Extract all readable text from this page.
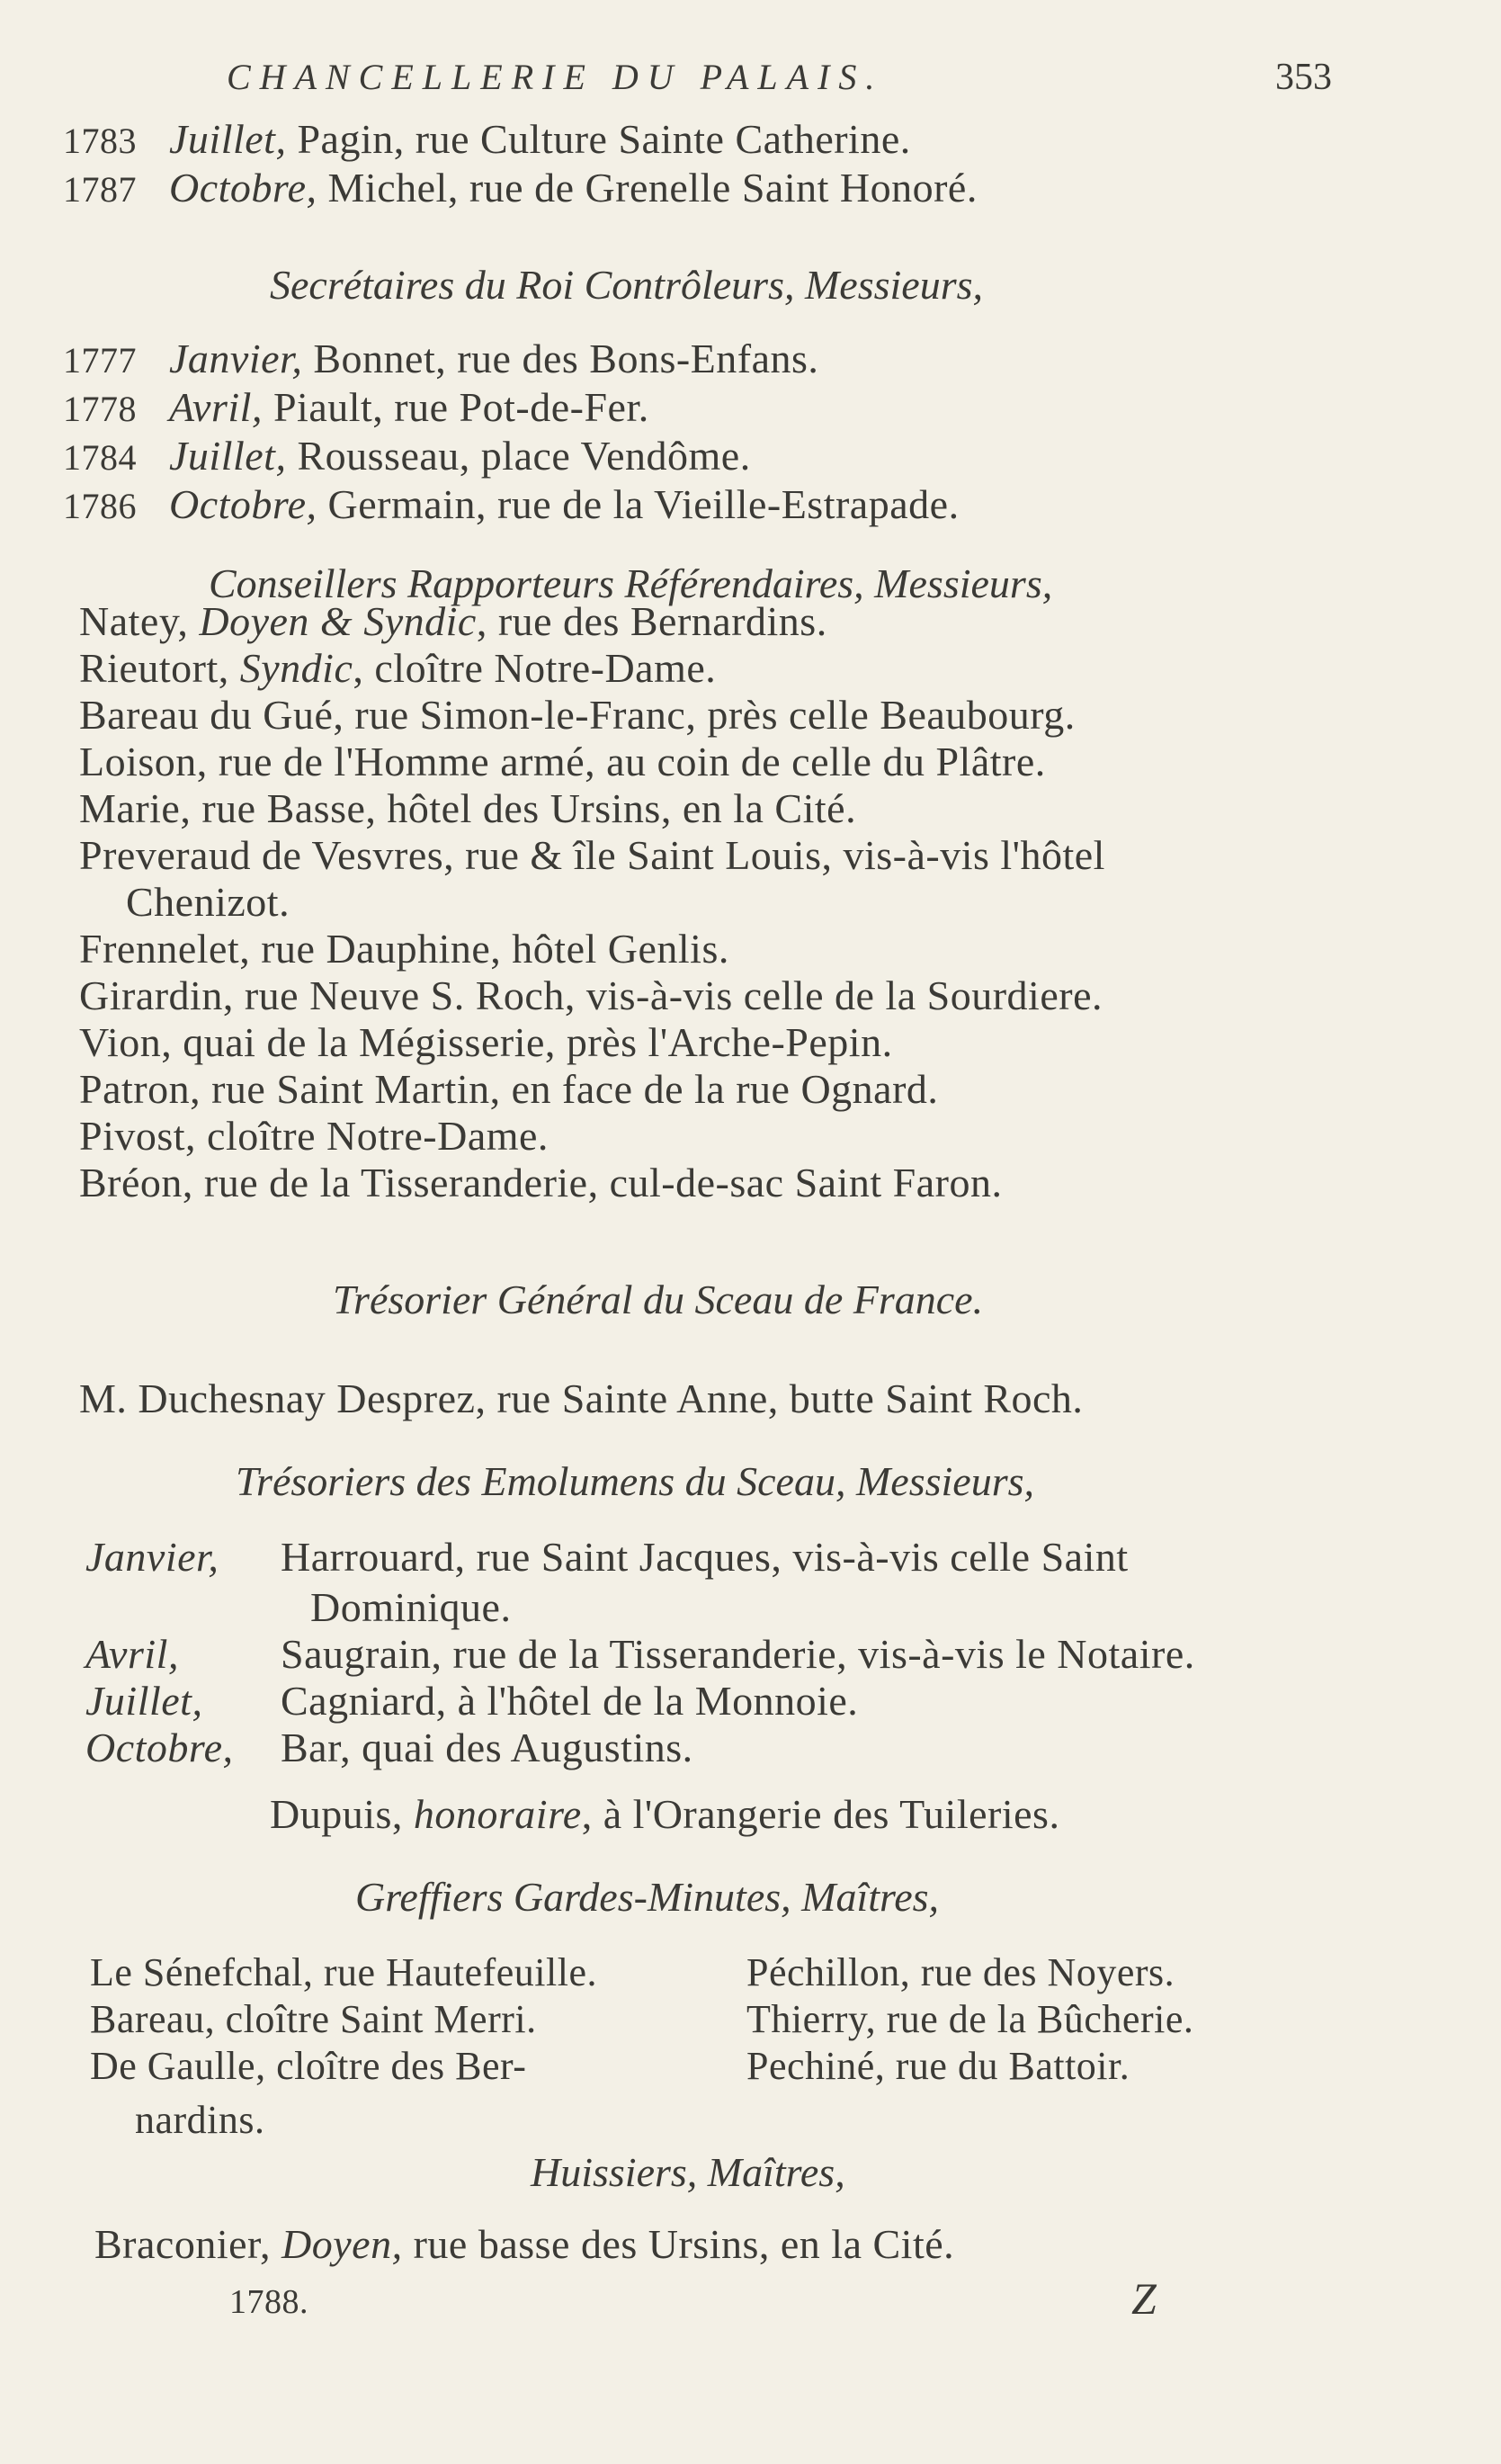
CHANCELLERIE DU PALAIS.	353
1783 Juillet, Pagin, rue Culture Sainte Catherine.
1787 Octobre, Michel, rue de Grenelle Saint Honoré.
Secrétaires du Roi Contrôleurs, Messieurs,
1777 Janvier, Bonnet, rue des Bons-Enfans.
1778 Avril, Piault, rue Pot-de-Fer.
1784 Juillet, Rousseau, place Vendôme.
1786 Octobre, Germain, rue de la Vieille-Estrapade.
Conseillers Rapporteurs Référendaires, Messieurs,
Natey, Doyen & Syndic, rue des Bernardins.
Rieutort, Syndic, cloître Notre-Dame.
Bareau du Gué, rue Simon-le-Franc, près celle Beaubourg.
Loison, rue de l'Homme armé, au coin de celle du Plâtre.
Marie, rue Basse, hôtel des Ursins, en la Cité.
Preveraud de Vesvres, rue & île Saint Louis, vis-à-vis l'hôtel
Chenizot.
Frennelet, rue Dauphine, hôtel Genlis.
Girardin, rue Neuve S. Roch, vis-à-vis celle de la Sourdiere.
Vion, quai de la Mégisserie, près l'Arche-Pepin.
Patron, rue Saint Martin, en face de la rue Ognard.
Pivost, cloître Notre-Dame.
Bréon, rue de la Tisseranderie, cul-de-sac Saint Faron.
Trésorier Général du Sceau de France.
M. Duchesnay Desprez, rue Sainte Anne, butte Saint Roch.
Trésoriers des Emolumens du Sceau, Messieurs,
Janvier, Harrouard, rue Saint Jacques, vis-à-vis celle Saint
Dominique.
Avril, Saugrain, rue de la Tisseranderie, vis-à-vis le Notaire.
Juillet, Cagniard, à l'hôtel de la Monnoie.
Octobre, Bar, quai des Augustins.
Dupuis, honoraire, à l'Orangerie des Tuileries.
Greffiers Gardes-Minutes, Maîtres,
Le Sénefchal, rue Hautefeuille.
Bareau, cloître Saint Merri.
De Gaulle, cloître des Ber-
nardins.
Péchillon, rue des Noyers.
Thierry, rue de la Bûcherie.
Pechiné, rue du Battoir.
Huissiers, Maîtres,
Braconier, Doyen, rue basse des Ursins, en la Cité.
1788.	Z
